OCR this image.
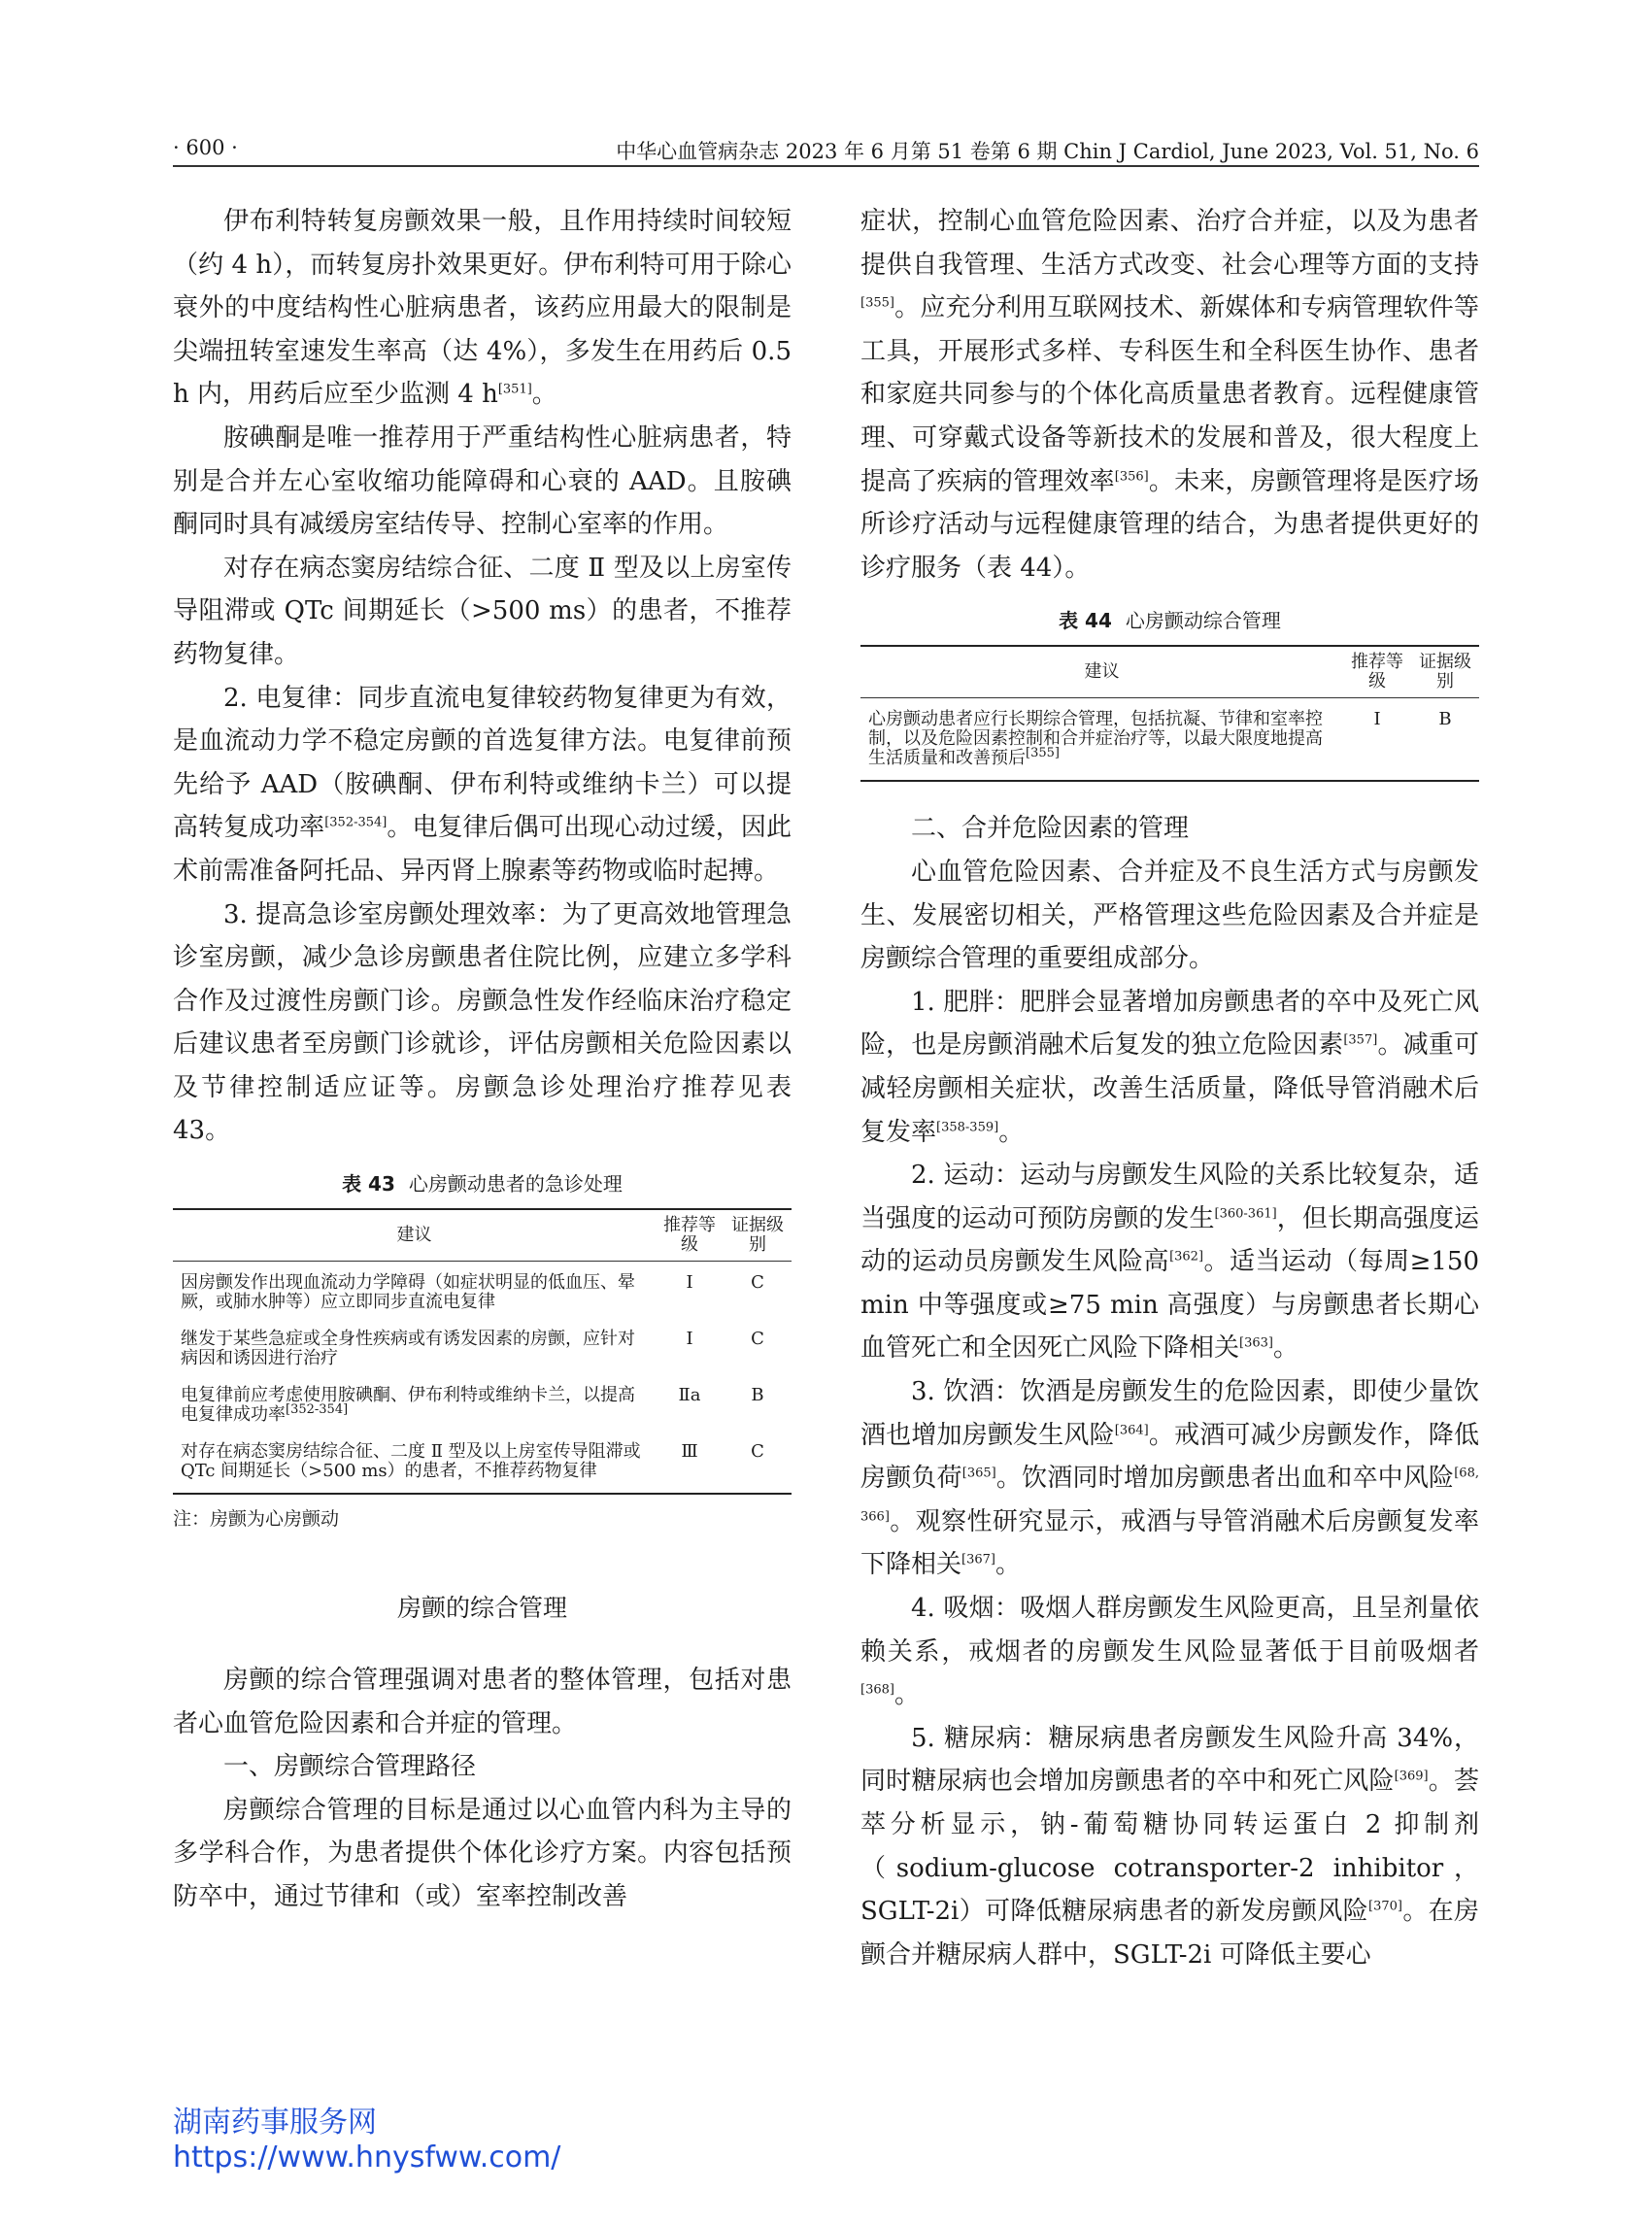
· 600 ·	中华心血管病杂志 2023 年 6 月第 51 卷第 6 期 Chin J Cardiol, June 2023, Vol. 51, No. 6

伊布利特转复房颤效果一般，且作用持续时间较短（约 4 h），而转复房扑效果更好。伊布利特可用于除心衰外的中度结构性心脏病患者，该药应用最大的限制是尖端扭转室速发生率高（达 4%），多发生在用药后 0.5 h 内，用药后应至少监测 4 h[351]。

胺碘酮是唯一推荐用于严重结构性心脏病患者，特别是合并左心室收缩功能障碍和心衰的 AAD。且胺碘酮同时具有减缓房室结传导、控制心室率的作用。

对存在病态窦房结综合征、二度 Ⅱ 型及以上房室传导阻滞或 QTc 间期延长（>500 ms）的患者，不推荐药物复律。

2. 电复律：同步直流电复律较药物复律更为有效，是血流动力学不稳定房颤的首选复律方法。电复律前预先给予 AAD（胺碘酮、伊布利特或维纳卡兰）可以提高转复成功率[352-354]。电复律后偶可出现心动过缓，因此术前需准备阿托品、异丙肾上腺素等药物或临时起搏。

3. 提高急诊室房颤处理效率：为了更高效地管理急诊室房颤，减少急诊房颤患者住院比例，应建立多学科合作及过渡性房颤门诊。房颤急性发作经临床治疗稳定后建议患者至房颤门诊就诊，评估房颤相关危险因素以及节律控制适应证等。房颤急诊处理治疗推荐见表 43。

表 43 心房颤动患者的急诊处理
建议	推荐等级	证据级别
因房颤发作出现血流动力学障碍（如症状明显的低血压、晕厥，或肺水肿等）应立即同步直流电复律	Ⅰ	C
继发于某些急症或全身性疾病或有诱发因素的房颤，应针对病因和诱因进行治疗	Ⅰ	C
电复律前应考虑使用胺碘酮、伊布利特或维纳卡兰，以提高电复律成功率[352-354]	Ⅱa	B
对存在病态窦房结综合征、二度 Ⅱ 型及以上房室传导阻滞或 QTc 间期延长（>500 ms）的患者，不推荐药物复律	Ⅲ	C
注：房颤为心房颤动
房颤的综合管理

房颤的综合管理强调对患者的整体管理，包括对患者心血管危险因素和合并症的管理。

一、房颤综合管理路径

房颤综合管理的目标是通过以心血管内科为主导的多学科合作，为患者提供个体化诊疗方案。内容包括预防卒中，通过节律和（或）室率控制改善

症状，控制心血管危险因素、治疗合并症，以及为患者提供自我管理、生活方式改变、社会心理等方面的支持[355]。应充分利用互联网技术、新媒体和专病管理软件等工具，开展形式多样、专科医生和全科医生协作、患者和家庭共同参与的个体化高质量患者教育。远程健康管理、可穿戴式设备等新技术的发展和普及，很大程度上提高了疾病的管理效率[356]。未来，房颤管理将是医疗场所诊疗活动与远程健康管理的结合，为患者提供更好的诊疗服务（表 44）。

表 44 心房颤动综合管理
建议	推荐等级	证据级别
心房颤动患者应行长期综合管理，包括抗凝、节律和室率控制，以及危险因素控制和合并症治疗等，以最大限度地提高生活质量和改善预后[355]	Ⅰ	B

二、合并危险因素的管理

心血管危险因素、合并症及不良生活方式与房颤发生、发展密切相关，严格管理这些危险因素及合并症是房颤综合管理的重要组成部分。

1. 肥胖：肥胖会显著增加房颤患者的卒中及死亡风险，也是房颤消融术后复发的独立危险因素[357]。减重可减轻房颤相关症状，改善生活质量，降低导管消融术后复发率[358-359]。

2. 运动：运动与房颤发生风险的关系比较复杂，适当强度的运动可预防房颤的发生[360-361]，但长期高强度运动的运动员房颤发生风险高[362]。适当运动（每周≥150 min 中等强度或≥75 min 高强度）与房颤患者长期心血管死亡和全因死亡风险下降相关[363]。

3. 饮酒：饮酒是房颤发生的危险因素，即使少量饮酒也增加房颤发生风险[364]。戒酒可减少房颤发作，降低房颤负荷[365]。饮酒同时增加房颤患者出血和卒中风险[68, 366]。观察性研究显示，戒酒与导管消融术后房颤复发率下降相关[367]。

4. 吸烟：吸烟人群房颤发生风险更高，且呈剂量依赖关系，戒烟者的房颤发生风险显著低于目前吸烟者[368]。

5. 糖尿病：糖尿病患者房颤发生风险升高 34%，同时糖尿病也会增加房颤患者的卒中和死亡风险[369]。荟萃分析显示，钠-葡萄糖协同转运蛋白 2 抑制剂（sodium-glucose cotransporter-2 inhibitor，SGLT-2i）可降低糖尿病患者的新发房颤风险[370]。在房颤合并糖尿病人群中，SGLT-2i 可降低主要心

湖南药事服务网
https://www.hnysfww.com/
